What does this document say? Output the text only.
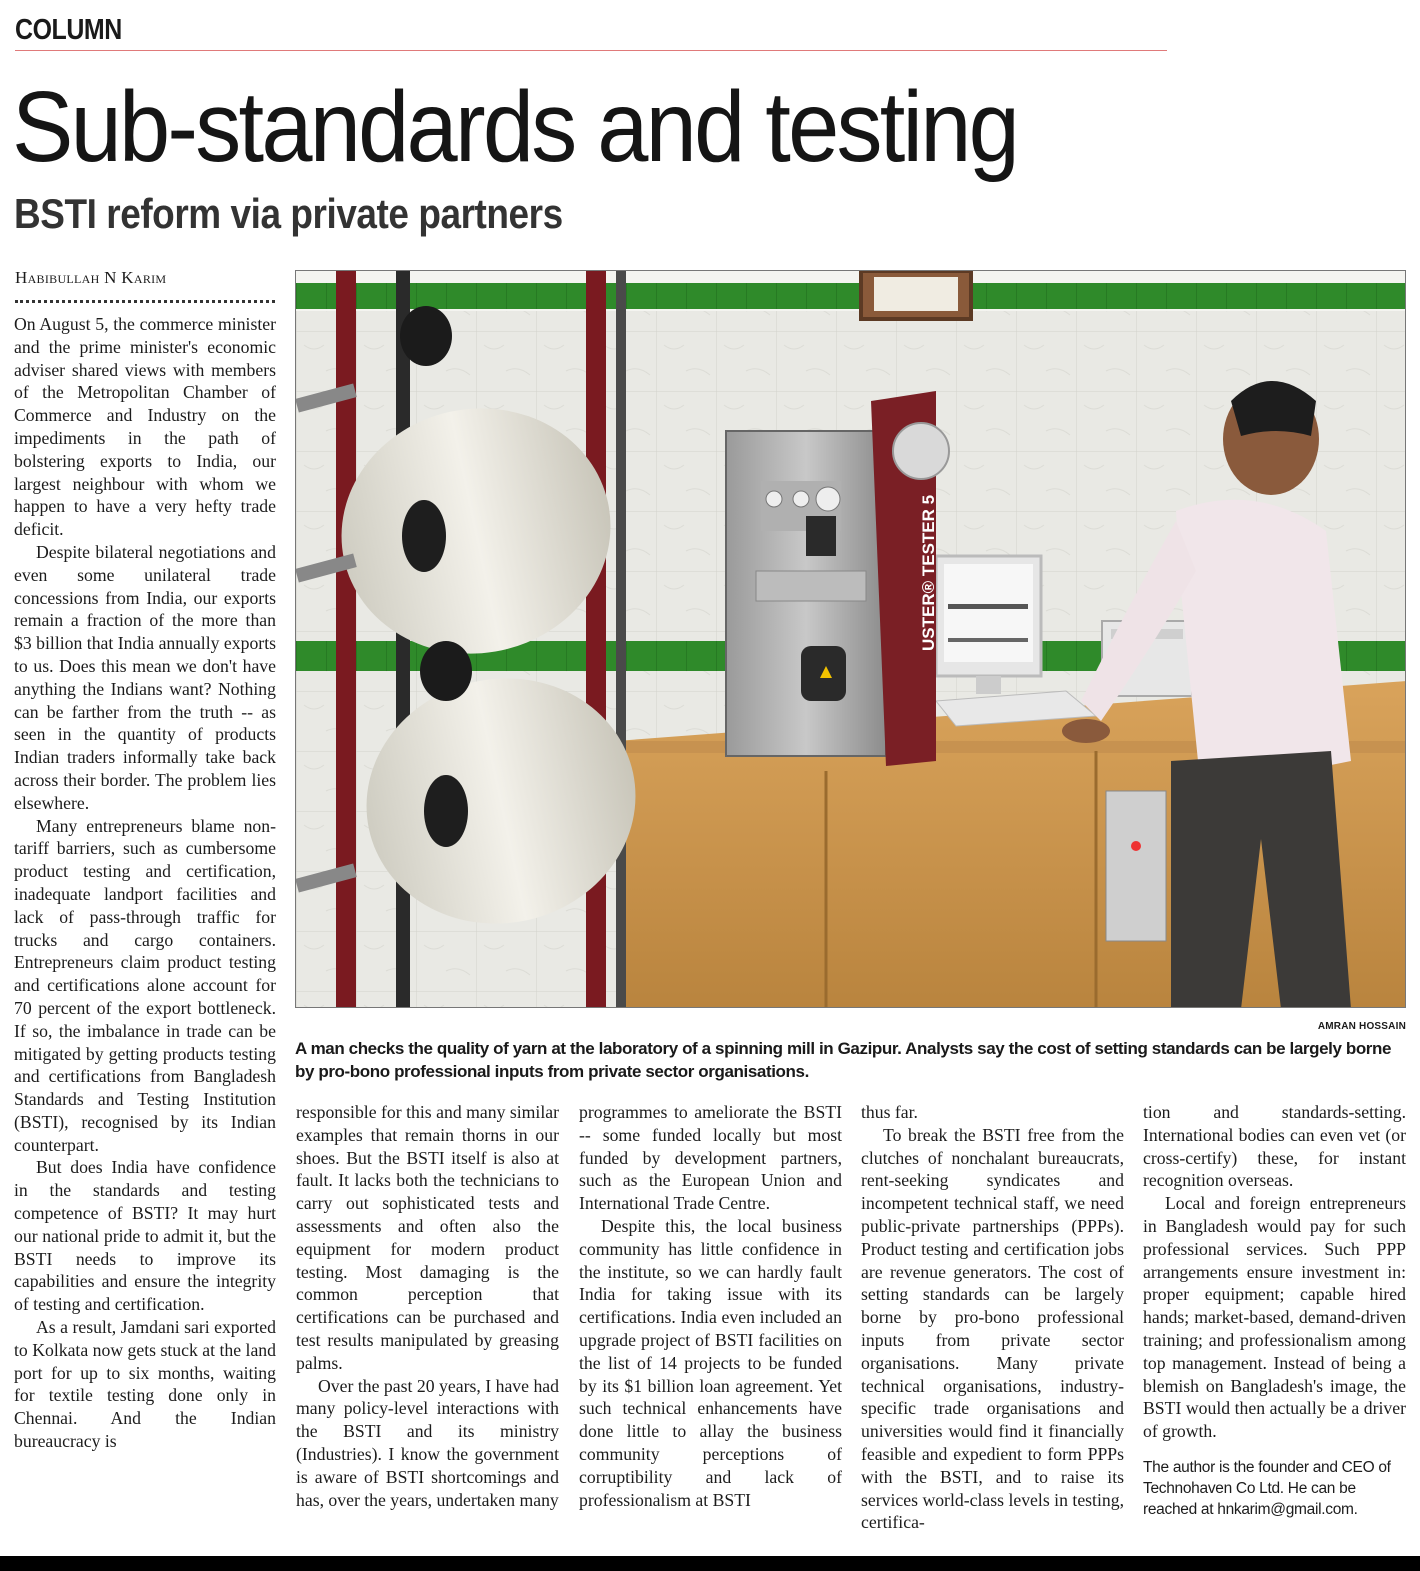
COLUMN
Sub-standards and testing
BSTI reform via private partners
Habibullah N Karim

On August 5, the commerce minister and the prime minister's economic adviser shared views with members of the Metropolitan Chamber of Commerce and Industry on the impediments in the path of bolstering exports to India, our largest neighbour with whom we happen to have a very hefty trade deficit.

Despite bilateral negotiations and even some unilateral trade concessions from India, our exports remain a fraction of the more than $3 billion that India annually exports to us. Does this mean we don't have anything the Indians want? Nothing can be farther from the truth -- as seen in the quantity of products Indian traders informally take back across their border. The problem lies elsewhere.

Many entrepreneurs blame non-tariff barriers, such as cumbersome product testing and certification, inadequate landport facilities and lack of pass-through traffic for trucks and cargo containers. Entrepreneurs claim product testing and certifications alone account for 70 percent of the export bottleneck. If so, the imbalance in trade can be mitigated by getting products testing and certifications from Bangladesh Standards and Testing Institution (BSTI), recognised by its Indian counterpart.

But does India have confidence in the standards and testing competence of BSTI? It may hurt our national pride to admit it, but the BSTI needs to improve its capabilities and ensure the integrity of testing and certification.

As a result, Jamdani sari exported to Kolkata now gets stuck at the land port for up to six months, waiting for textile testing done only in Chennai. And the Indian bureaucracy is

USTER® TESTER 5
AMRAN HOSSAIN
A man checks the quality of yarn at the laboratory of a spinning mill in Gazipur. Analysts say the cost of setting standards can be largely borne by pro-bono professional inputs from private sector organisations.

responsible for this and many similar examples that remain thorns in our shoes. But the BSTI itself is also at fault. It lacks both the technicians to carry out sophisticated tests and assessments and often also the equipment for modern product testing. Most damaging is the common perception that certifications can be purchased and test results manipulated by greasing palms.

Over the past 20 years, I have had many policy-level interactions with the BSTI and its ministry (Industries). I know the government is aware of BSTI shortcomings and has, over the years, undertaken many

programmes to ameliorate the BSTI -- some funded locally but most funded by development partners, such as the European Union and International Trade Centre.

Despite this, the local business community has little confidence in the institute, so we can hardly fault India for taking issue with its certifications. India even included an upgrade project of BSTI facilities on the list of 14 projects to be funded by its $1 billion loan agreement. Yet such technical enhancements have done little to allay the business community perceptions of corruptibility and lack of professionalism at BSTI

thus far.

To break the BSTI free from the clutches of nonchalant bureaucrats, rent-seeking syndicates and incompetent technical staff, we need public-private partnerships (PPPs). Product testing and certification jobs are revenue generators. The cost of setting standards can be largely borne by pro-bono professional inputs from private sector organisations. Many private technical organisations, industry-specific trade organisations and universities would find it financially feasible and expedient to form PPPs with the BSTI, and to raise its services world-class levels in testing, certifica-

tion and standards-setting. International bodies can even vet (or cross-certify) these, for instant recognition overseas.

Local and foreign entrepreneurs in Bangladesh would pay for such professional services. Such PPP arrangements ensure investment in: proper equipment; capable hired hands; market-based, demand-driven training; and professionalism among top management. Instead of being a blemish on Bangladesh's image, the BSTI would then actually be a driver of growth.

The author is the founder and CEO of Technohaven Co Ltd. He can be reached at hnkarim@gmail.com.
